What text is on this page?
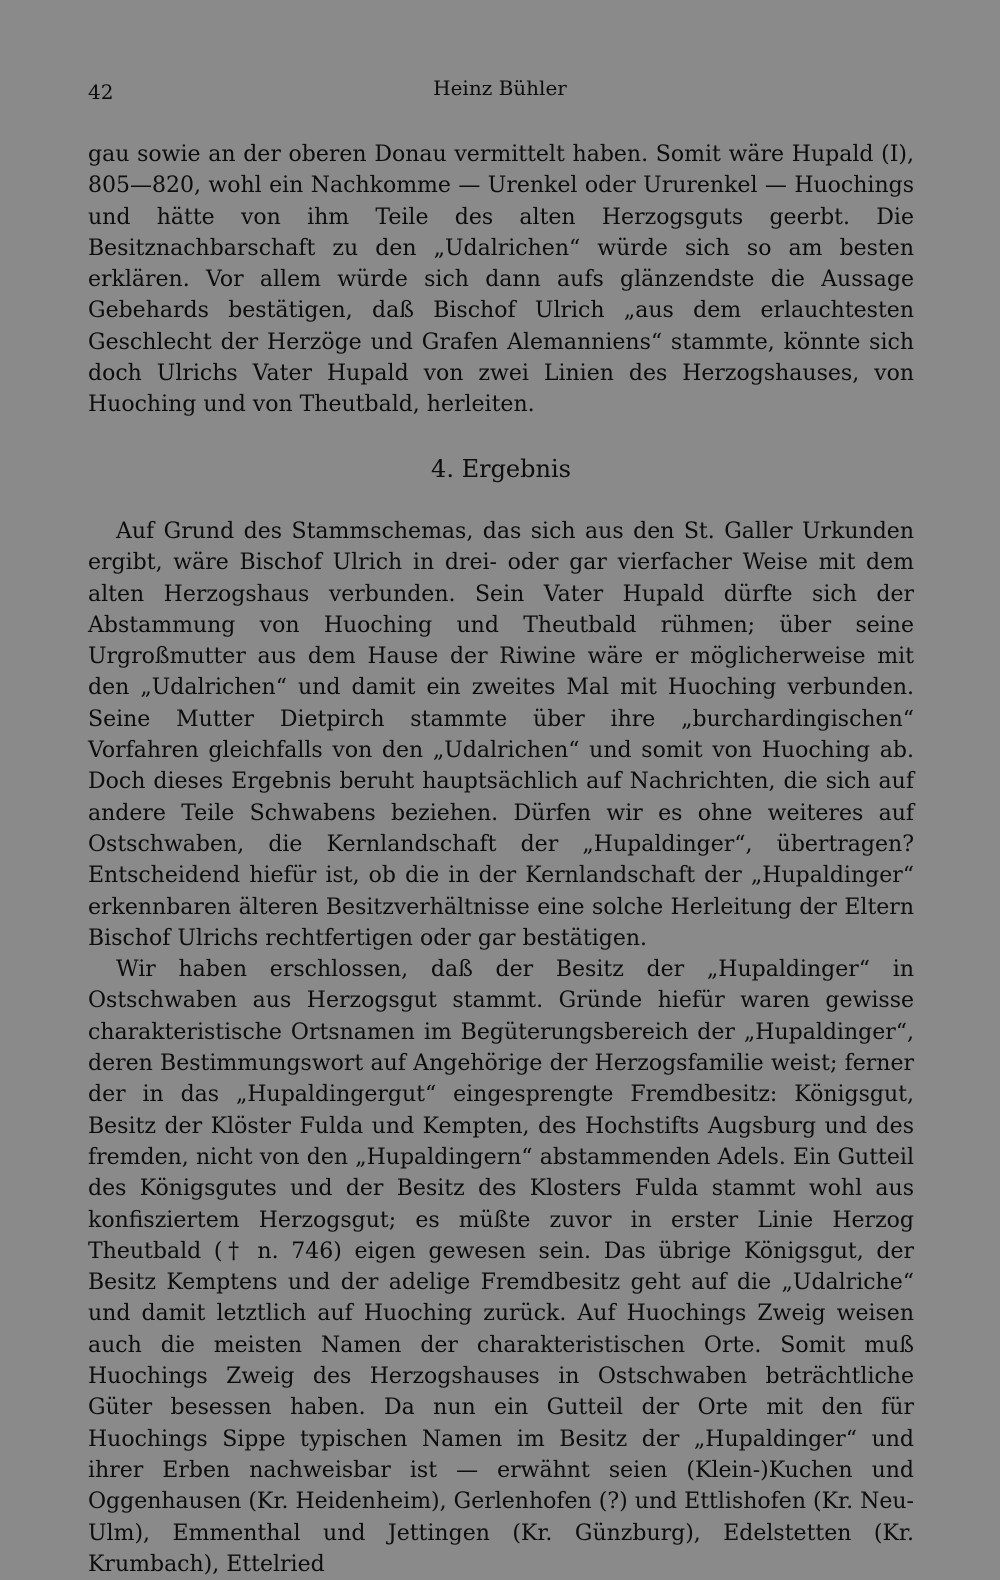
42	Heinz Bühler

gau sowie an der oberen Donau vermittelt haben. Somit wäre Hupald (I), 805—820, wohl ein Nachkomme — Urenkel oder Ururenkel — Huochings und hätte von ihm Teile des alten Herzogsguts geerbt. Die Besitznachbarschaft zu den „Udalrichen“ würde sich so am besten erklären. Vor allem würde sich dann aufs glänzendste die Aussage Gebehards bestätigen, daß Bischof Ulrich „aus dem erlauchtesten Geschlecht der Herzöge und Grafen Alemanniens“ stammte, könnte sich doch Ulrichs Vater Hupald von zwei Linien des Herzogshauses, von Huoching und von Theutbald, herleiten.

4. Ergebnis

Auf Grund des Stammschemas, das sich aus den St. Galler Urkunden ergibt, wäre Bischof Ulrich in drei- oder gar vierfacher Weise mit dem alten Herzogshaus verbunden. Sein Vater Hupald dürfte sich der Abstammung von Huoching und Theutbald rühmen; über seine Urgroßmutter aus dem Hause der Riwine wäre er möglicherweise mit den „Udalrichen“ und damit ein zweites Mal mit Huoching verbunden. Seine Mutter Dietpirch stammte über ihre „burchardingischen“ Vorfahren gleichfalls von den „Udalrichen“ und somit von Huoching ab. Doch dieses Ergebnis beruht hauptsächlich auf Nachrichten, die sich auf andere Teile Schwabens beziehen. Dürfen wir es ohne weiteres auf Ostschwaben, die Kernlandschaft der „Hupaldinger“, übertragen? Entscheidend hiefür ist, ob die in der Kernlandschaft der „Hupaldinger“ erkennbaren älteren Besitzverhältnisse eine solche Herleitung der Eltern Bischof Ulrichs rechtfertigen oder gar bestätigen.

Wir haben erschlossen, daß der Besitz der „Hupaldinger“ in Ostschwaben aus Herzogsgut stammt. Gründe hiefür waren gewisse charakteristische Ortsnamen im Begüterungsbereich der „Hupaldinger“, deren Bestimmungswort auf Angehörige der Herzogsfamilie weist; ferner der in das „Hupaldingergut“ eingesprengte Fremdbesitz: Königsgut, Besitz der Klöster Fulda und Kempten, des Hochstifts Augsburg und des fremden, nicht von den „Hupaldingern“ abstammenden Adels. Ein Gutteil des Königsgutes und der Besitz des Klosters Fulda stammt wohl aus konfisziertem Herzogsgut; es müßte zuvor in erster Linie Herzog Theutbald († n. 746) eigen gewesen sein. Das übrige Königsgut, der Besitz Kemptens und der adelige Fremdbesitz geht auf die „Udalriche“ und damit letztlich auf Huoching zurück. Auf Huochings Zweig weisen auch die meisten Namen der charakteristischen Orte. Somit muß Huochings Zweig des Herzogshauses in Ostschwaben beträchtliche Güter besessen haben. Da nun ein Gutteil der Orte mit den für Huochings Sippe typischen Namen im Besitz der „Hupaldinger“ und ihrer Erben nachweisbar ist — erwähnt seien (Klein-)Kuchen und Oggenhausen (Kr. Heidenheim), Gerlenhofen (?) und Ettlishofen (Kr. Neu-Ulm), Emmenthal und Jettingen (Kr. Günzburg), Edelstetten (Kr. Krumbach), Ettelried
